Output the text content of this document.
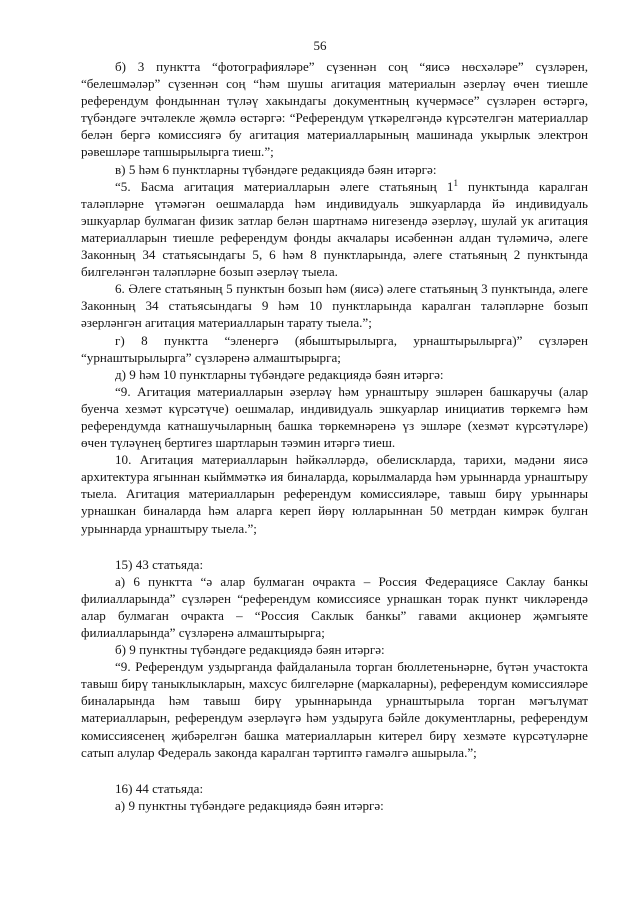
56

б) 3 пунктта “фотографияләре” сүзеннән соң “яисә нөсхәләре” сүзләрен, “белешмәләр” сүзеннән соң “һәм шушы агитация материалын әзерләү өчен тиешле референдум фондыннан түләү хакындагы документның күчермәсе” сүзләрен өстәргә, түбәндәге эчтәлекле җөмлә өстәргә: “Референдум үткәрелгәндә күрсәтелгән материаллар белән бергә комиссиягә бу агитация материалларының машинада укырлык электрон рәвешләре тапшырылырга тиеш.”;

в) 5 һәм 6 пунктларны түбәндәге редакциядә бәян итәргә:

“5. Басма агитация материалларын әлеге статьяның $1^1$ пунктында каралган таләпләрне үтәмәгән оешмаларда һәм индивидуаль эшкуарларда йә индивидуаль эшкуарлар булмаган физик затлар белән шартнамә нигезендә әзерләү, шулай ук агитация материалларын тиешле референдум фонды акчалары исәбеннән алдан түләмичә, әлеге Законның 34 статьясындагы 5, 6 һәм 8 пунктларында, әлеге статьяның 2 пунктында билгеләнгән таләпләрне бозып әзерләү тыела.

6. Әлеге статьяның 5 пунктын бозып һәм (яисә) әлеге статьяның 3 пунктында, әлеге Законның 34 статьясындагы 9 һәм 10 пунктларында каралган таләпләрне бозып әзерләнгән агитация материалларын тарату тыела.”;

г) 8 пунктта “эленергә (ябыштырылырга, урнаштырылырга)” сүзләрен “урнаштырылырга” сүзләренә алмаштырырга;

д) 9 һәм 10 пунктларны түбәндәге редакциядә бәян итәргә:

“9. Агитация материалларын әзерләү һәм урнаштыру эшләрен башкаручы (алар буенча хезмәт күрсәтүче) оешмалар, индивидуаль эшкуарлар инициатив төркемгә һәм референдумда катнашучыларның башка төркемнәренә үз эшләре (хезмәт күрсәтүләре) өчен түләүнең бертигез шартларын тәэмин итәргә тиеш.

10. Агитация материалларын һәйкәлләрдә, обелискларда, тарихи, мәдәни яисә архитектура ягыннан кыйммәткә ия биналарда, корылмаларда һәм урыннарда урнаштыру тыела. Агитация материалларын референдум комиссияләре, тавыш бирү урыннары урнашкан биналарда һәм аларга кереп йөрү юлларыннан 50 метрдан кимрәк булган урыннарда урнаштыру тыела.”;

15) 43 статьяда:

а) 6 пунктта “ә алар булмаган очракта – Россия Федерациясе Саклау банкы филиалларында” сүзләрен “референдум комиссиясе урнашкан торак пункт чикләрендә алар булмаган очракта – “Россия Саклык банкы” гавами акционер җәмгыяте филиалларында” сүзләренә алмаштырырга;

б) 9 пунктны түбәндәге редакциядә бәян итәргә:

“9. Референдум уздырганда файдаланыла торган бюллетеньнәрне, бүтән участокта тавыш бирү таныклыкларын, махсус билгеләрне (маркаларны), референдум комиссияләре биналарында һәм тавыш бирү урыннарында урнаштырыла торган мәгълүмат материалларын, референдум әзерләүгә һәм уздыруга бәйле документларны, референдум комиссиясенең җибәрелгән башка материалларын китерел бирү хезмәте күрсәтүләрне сатып алулар Федераль законда каралган тәртиптә гамәлгә ашырыла.”;

16) 44 статьяда:

а) 9 пунктны түбәндәге редакциядә бәян итәргә:
